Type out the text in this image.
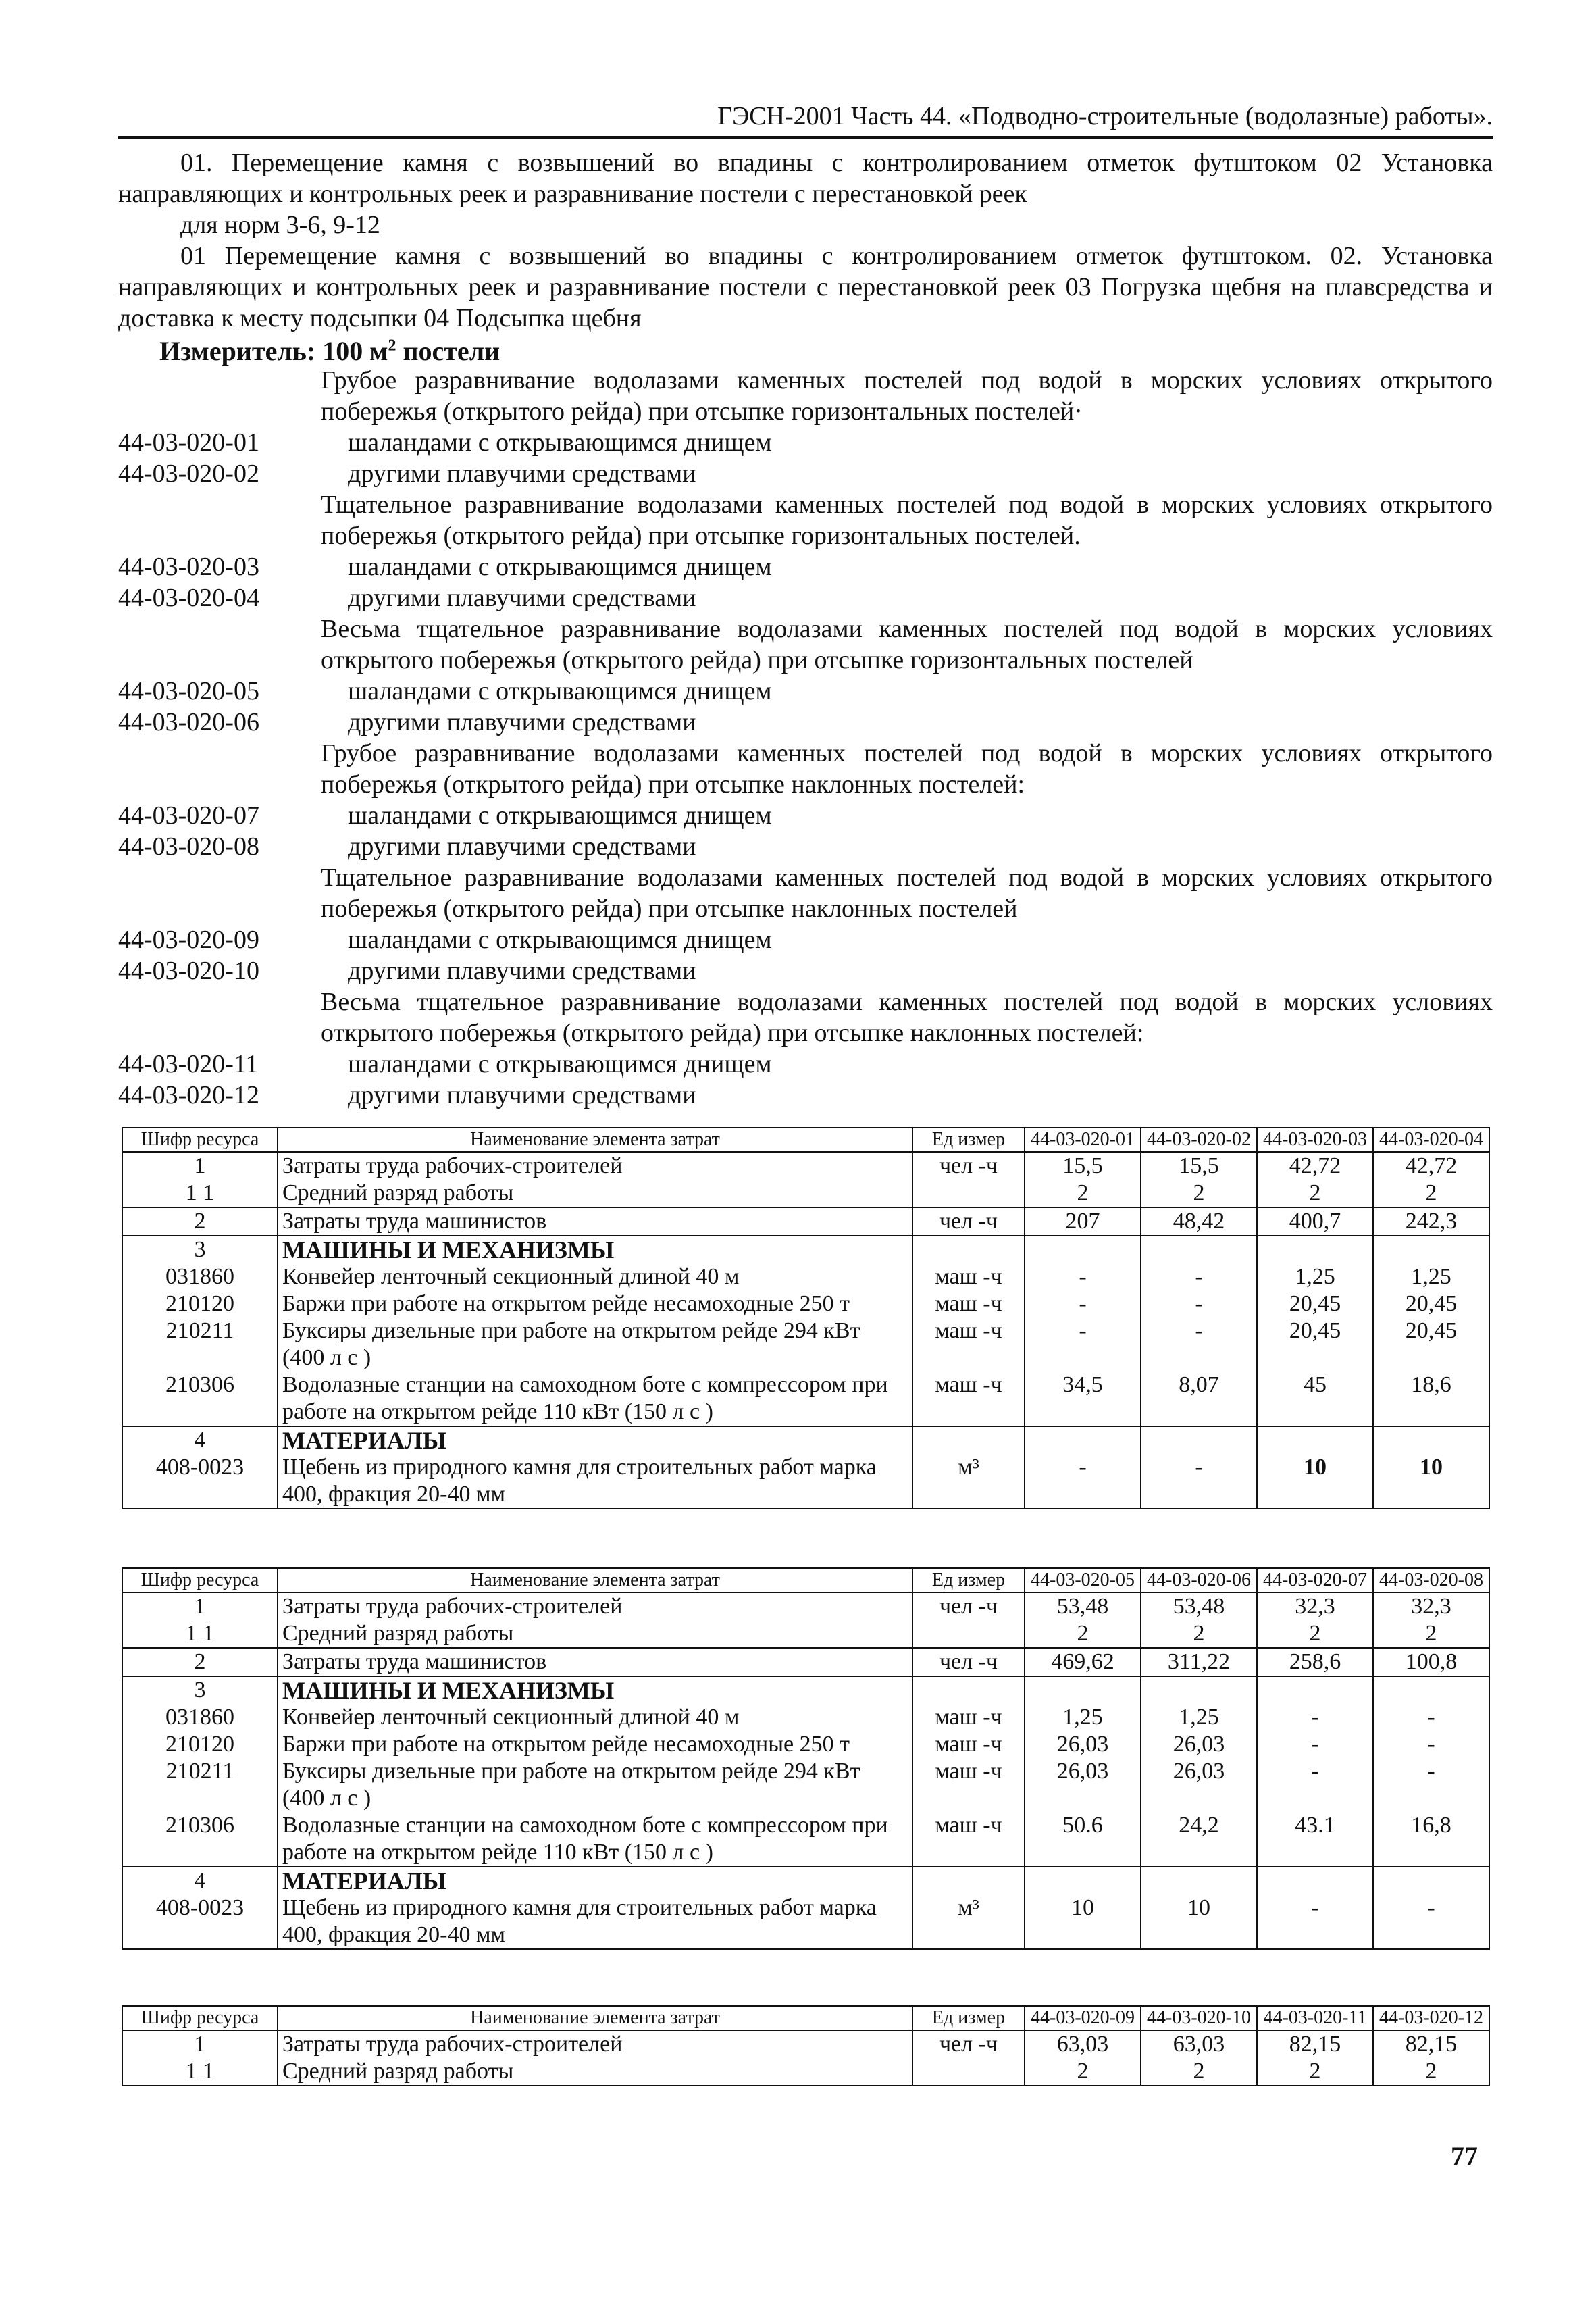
ГЭСН-2001 Часть 44. «Подводно-строительные (водолазные) работы».

01. Перемещение камня с возвышений во впадины с контролированием отметок футштоком 02 Установка направляющих и контрольных реек и разравнивание постели с перестановкой реек

для норм 3-6, 9-12

01 Перемещение камня с возвышений во впадины с контролированием отметок футштоком. 02. Установка направляющих и контрольных реек и разравнивание постели с перестановкой реек 03 Погрузка щебня на плавсредства и доставка к месту подсыпки 04 Подсыпка щебня

Измеритель: 100 $м^2$ постели
Грубое разравнивание водолазами каменных постелей под водой в морских условиях открытого побережья (открытого рейда) при отсыпке горизонтальных постелей·
44-03-020-01	шаландами с открывающимся днищем
44-03-020-02	другими плавучими средствами
Тщательное разравнивание водолазами каменных постелей под водой в морских условиях открытого побережья (открытого рейда) при отсыпке горизонтальных постелей.
44-03-020-03	шаландами с открывающимся днищем
44-03-020-04	другими плавучими средствами
Весьма тщательное разравнивание водолазами каменных постелей под водой в морских условиях открытого побережья (открытого рейда) при отсыпке горизонтальных постелей
44-03-020-05	шаландами с открывающимся днищем
44-03-020-06	другими плавучими средствами
Грубое разравнивание водолазами каменных постелей под водой в морских условиях открытого побережья (открытого рейда) при отсыпке наклонных постелей:
44-03-020-07	шаландами с открывающимся днищем
44-03-020-08	другими плавучими средствами
Тщательное разравнивание водолазами каменных постелей под водой в морских условиях открытого побережья (открытого рейда) при отсыпке наклонных постелей
44-03-020-09	шаландами с открывающимся днищем
44-03-020-10	другими плавучими средствами
Весьма тщательное разравнивание водолазами каменных постелей под водой в морских условиях открытого побережья (открытого рейда) при отсыпке наклонных постелей:
44-03-020-11	шаландами с открывающимся днищем
44-03-020-12	другими плавучими средствами
Шифр ресурса	Наименование элемента затрат	Ед измер	44-03-020-01	44-03-020-02	44-03-020-03	44-03-020-04
1	Затраты труда рабочих-строителей	чел -ч	15,5	15,5	42,72	42,72
1 1	Средний разряд работы		2	2	2	2
2	Затраты труда машинистов	чел -ч	207	48,42	400,7	242,3
3	МАШИНЫ И МЕХАНИЗМЫ					
031860	Конвейер ленточный секционный длиной 40 м	маш -ч	-	-	1,25	1,25
210120	Баржи при работе на открытом рейде несамоходные 250 т	маш -ч	-	-	20,45	20,45
210211	Буксиры дизельные при работе на открытом рейде 294 кВт (400 л с )	маш -ч	-	-	20,45	20,45
210306	Водолазные станции на самоходном боте с компрессором при работе на открытом рейде 110 кВт (150 л с )	маш -ч	34,5	8,07	45	18,6
4	МАТЕРИАЛЫ					
408-0023	Щебень из природного камня для строительных работ марка 400, фракция 20-40 мм	м³	-	-	10	10
Шифр ресурса	Наименование элемента затрат	Ед измер	44-03-020-05	44-03-020-06	44-03-020-07	44-03-020-08
1	Затраты труда рабочих-строителей	чел -ч	53,48	53,48	32,3	32,3
1 1	Средний разряд работы		2	2	2	2
2	Затраты труда машинистов	чел -ч	469,62	311,22	258,6	100,8
3	МАШИНЫ И МЕХАНИЗМЫ					
031860	Конвейер ленточный секционный длиной 40 м	маш -ч	1,25	1,25	-	-
210120	Баржи при работе на открытом рейде несамоходные 250 т	маш -ч	26,03	26,03	-	-
210211	Буксиры дизельные при работе на открытом рейде 294 кВт (400 л с )	маш -ч	26,03	26,03	-	-
210306	Водолазные станции на самоходном боте с компрессором при работе на открытом рейде 110 кВт (150 л с )	маш -ч	50.6	24,2	43.1	16,8
4	МАТЕРИАЛЫ					
408-0023	Щебень из природного камня для строительных работ марка 400, фракция 20-40 мм	м³	10	10	-	-
Шифр ресурса	Наименование элемента затрат	Ед измер	44-03-020-09	44-03-020-10	44-03-020-11	44-03-020-12
1	Затраты труда рабочих-строителей	чел -ч	63,03	63,03	82,15	82,15
1 1	Средний разряд работы		2	2	2	2
77
